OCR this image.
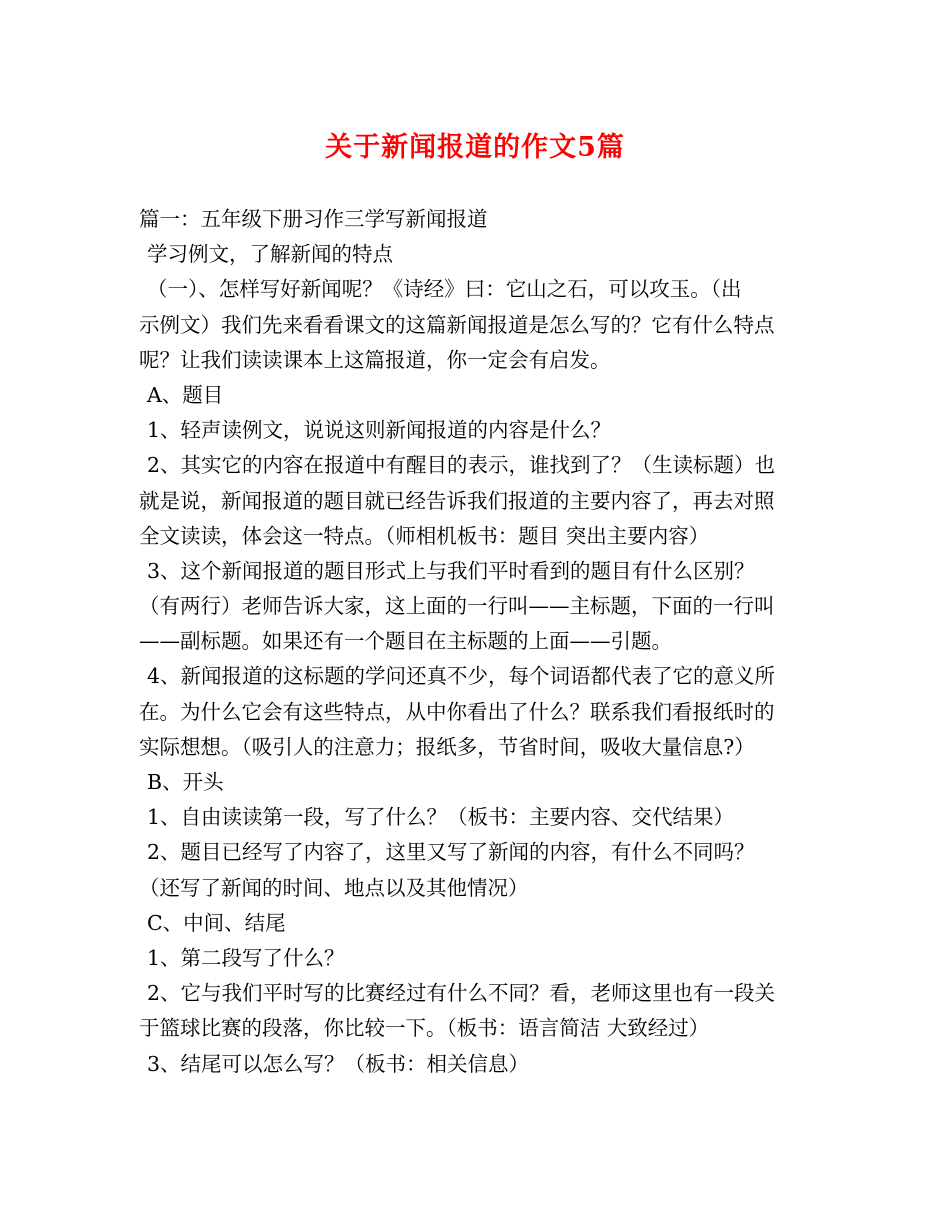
关于新闻报道的作文5篇
篇一：五年级下册习作三学写新闻报道
学习例文，了解新闻的特点
（一）、怎样写好新闻呢？《诗经》曰：它山之石，可以攻玉。（出
示例文）我们先来看看课文的这篇新闻报道是怎么写的？它有什么特点
呢？让我们读读课本上这篇报道，你一定会有启发。
A、题目
1、轻声读例文，说说这则新闻报道的内容是什么？
2、其实它的内容在报道中有醒目的表示，谁找到了？（生读标题）也
就是说，新闻报道的题目就已经告诉我们报道的主要内容了，再去对照
全文读读，体会这一特点。（师相机板书：题目 突出主要内容）
3、这个新闻报道的题目形式上与我们平时看到的题目有什么区别？
（有两行）老师告诉大家，这上面的一行叫——主标题，下面的一行叫
——副标题。如果还有一个题目在主标题的上面——引题。
4、新闻报道的这标题的学问还真不少，每个词语都代表了它的意义所
在。为什么它会有这些特点，从中你看出了什么？联系我们看报纸时的
实际想想。（吸引人的注意力；报纸多，节省时间，吸收大量信息?）
B、开头
1、自由读读第一段，写了什么？（板书：主要内容、交代结果）
2、题目已经写了内容了，这里又写了新闻的内容，有什么不同吗？
（还写了新闻的时间、地点以及其他情况）
C、中间、结尾
1、第二段写了什么？
2、它与我们平时写的比赛经过有什么不同？看，老师这里也有一段关
于篮球比赛的段落，你比较一下。（板书：语言简洁 大致经过）
3、结尾可以怎么写？（板书：相关信息）
